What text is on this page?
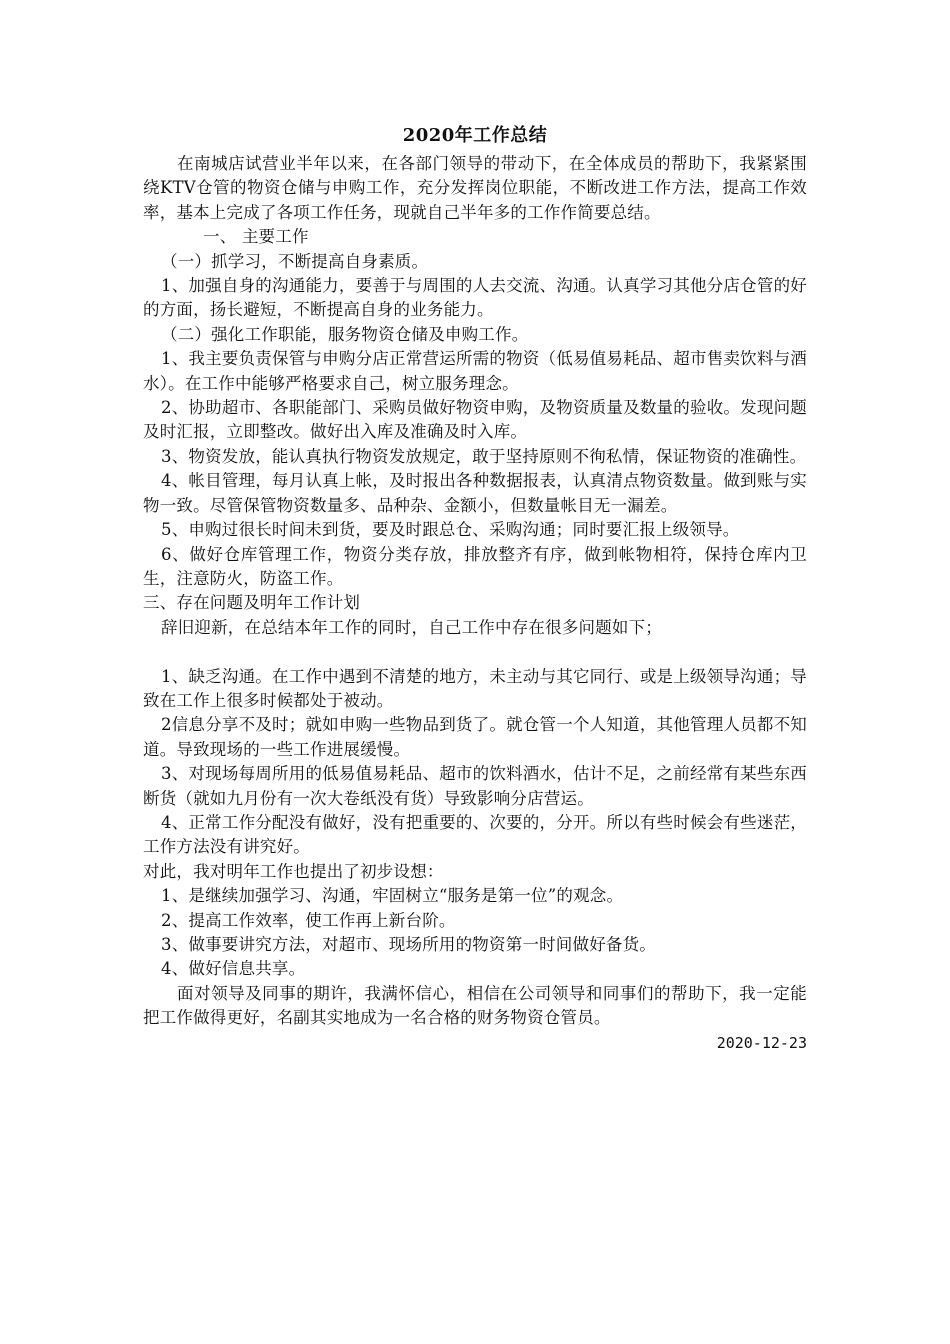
2020年工作总结

在南城店试营业半年以来，在各部门领导的带动下，在全体成员的帮助下，我紧紧围绕KTV仓管的物资仓储与申购工作，充分发挥岗位职能，不断改进工作方法，提高工作效率，基本上完成了各项工作任务，现就自己半年多的工作作简要总结。

一、 主要工作

（一）抓学习，不断提高自身素质。

1、加强自身的沟通能力，要善于与周围的人去交流、沟通。认真学习其他分店仓管的好的方面，扬长避短，不断提高自身的业务能力。

（二）强化工作职能，服务物资仓储及申购工作。

1、我主要负责保管与申购分店正常营运所需的物资（低易值易耗品、超市售卖饮料与酒水）。在工作中能够严格要求自己，树立服务理念。

2、协助超市、各职能部门、采购员做好物资申购，及物资质量及数量的验收。发现问题及时汇报，立即整改。做好出入库及准确及时入库。

3、物资发放，能认真执行物资发放规定，敢于坚持原则不徇私情，保证物资的准确性。

4、帐目管理，每月认真上帐，及时报出各种数据报表，认真清点物资数量。做到账与实物一致。尽管保管物资数量多、品种杂、金额小，但数量帐目无一漏差。

5、申购过很长时间未到货，要及时跟总仓、采购沟通；同时要汇报上级领导。

6、做好仓库管理工作，物资分类存放，排放整齐有序，做到帐物相符，保持仓库内卫生，注意防火，防盗工作。

三、存在问题及明年工作计划

辞旧迎新，在总结本年工作的同时，自己工作中存在很多问题如下；

1、缺乏沟通。在工作中遇到不清楚的地方，未主动与其它同行、或是上级领导沟通；导致在工作上很多时候都处于被动。

2信息分享不及时；就如申购一些物品到货了。就仓管一个人知道，其他管理人员都不知道。导致现场的一些工作进展缓慢。

3、对现场每周所用的低易值易耗品、超市的饮料酒水，估计不足，之前经常有某些东西断货（就如九月份有一次大卷纸没有货）导致影响分店营运。

4、正常工作分配没有做好，没有把重要的、次要的，分开。所以有些时候会有些迷茫，工作方法没有讲究好。

对此，我对明年工作也提出了初步设想：

1、是继续加强学习、沟通，牢固树立“服务是第一位”的观念。

2、提高工作效率，使工作再上新台阶。

3、做事要讲究方法，对超市、现场所用的物资第一时间做好备货。

4、做好信息共享。

面对领导及同事的期许，我满怀信心，相信在公司领导和同事们的帮助下，我一定能把工作做得更好，名副其实地成为一名合格的财务物资仓管员。

2020-12-23
